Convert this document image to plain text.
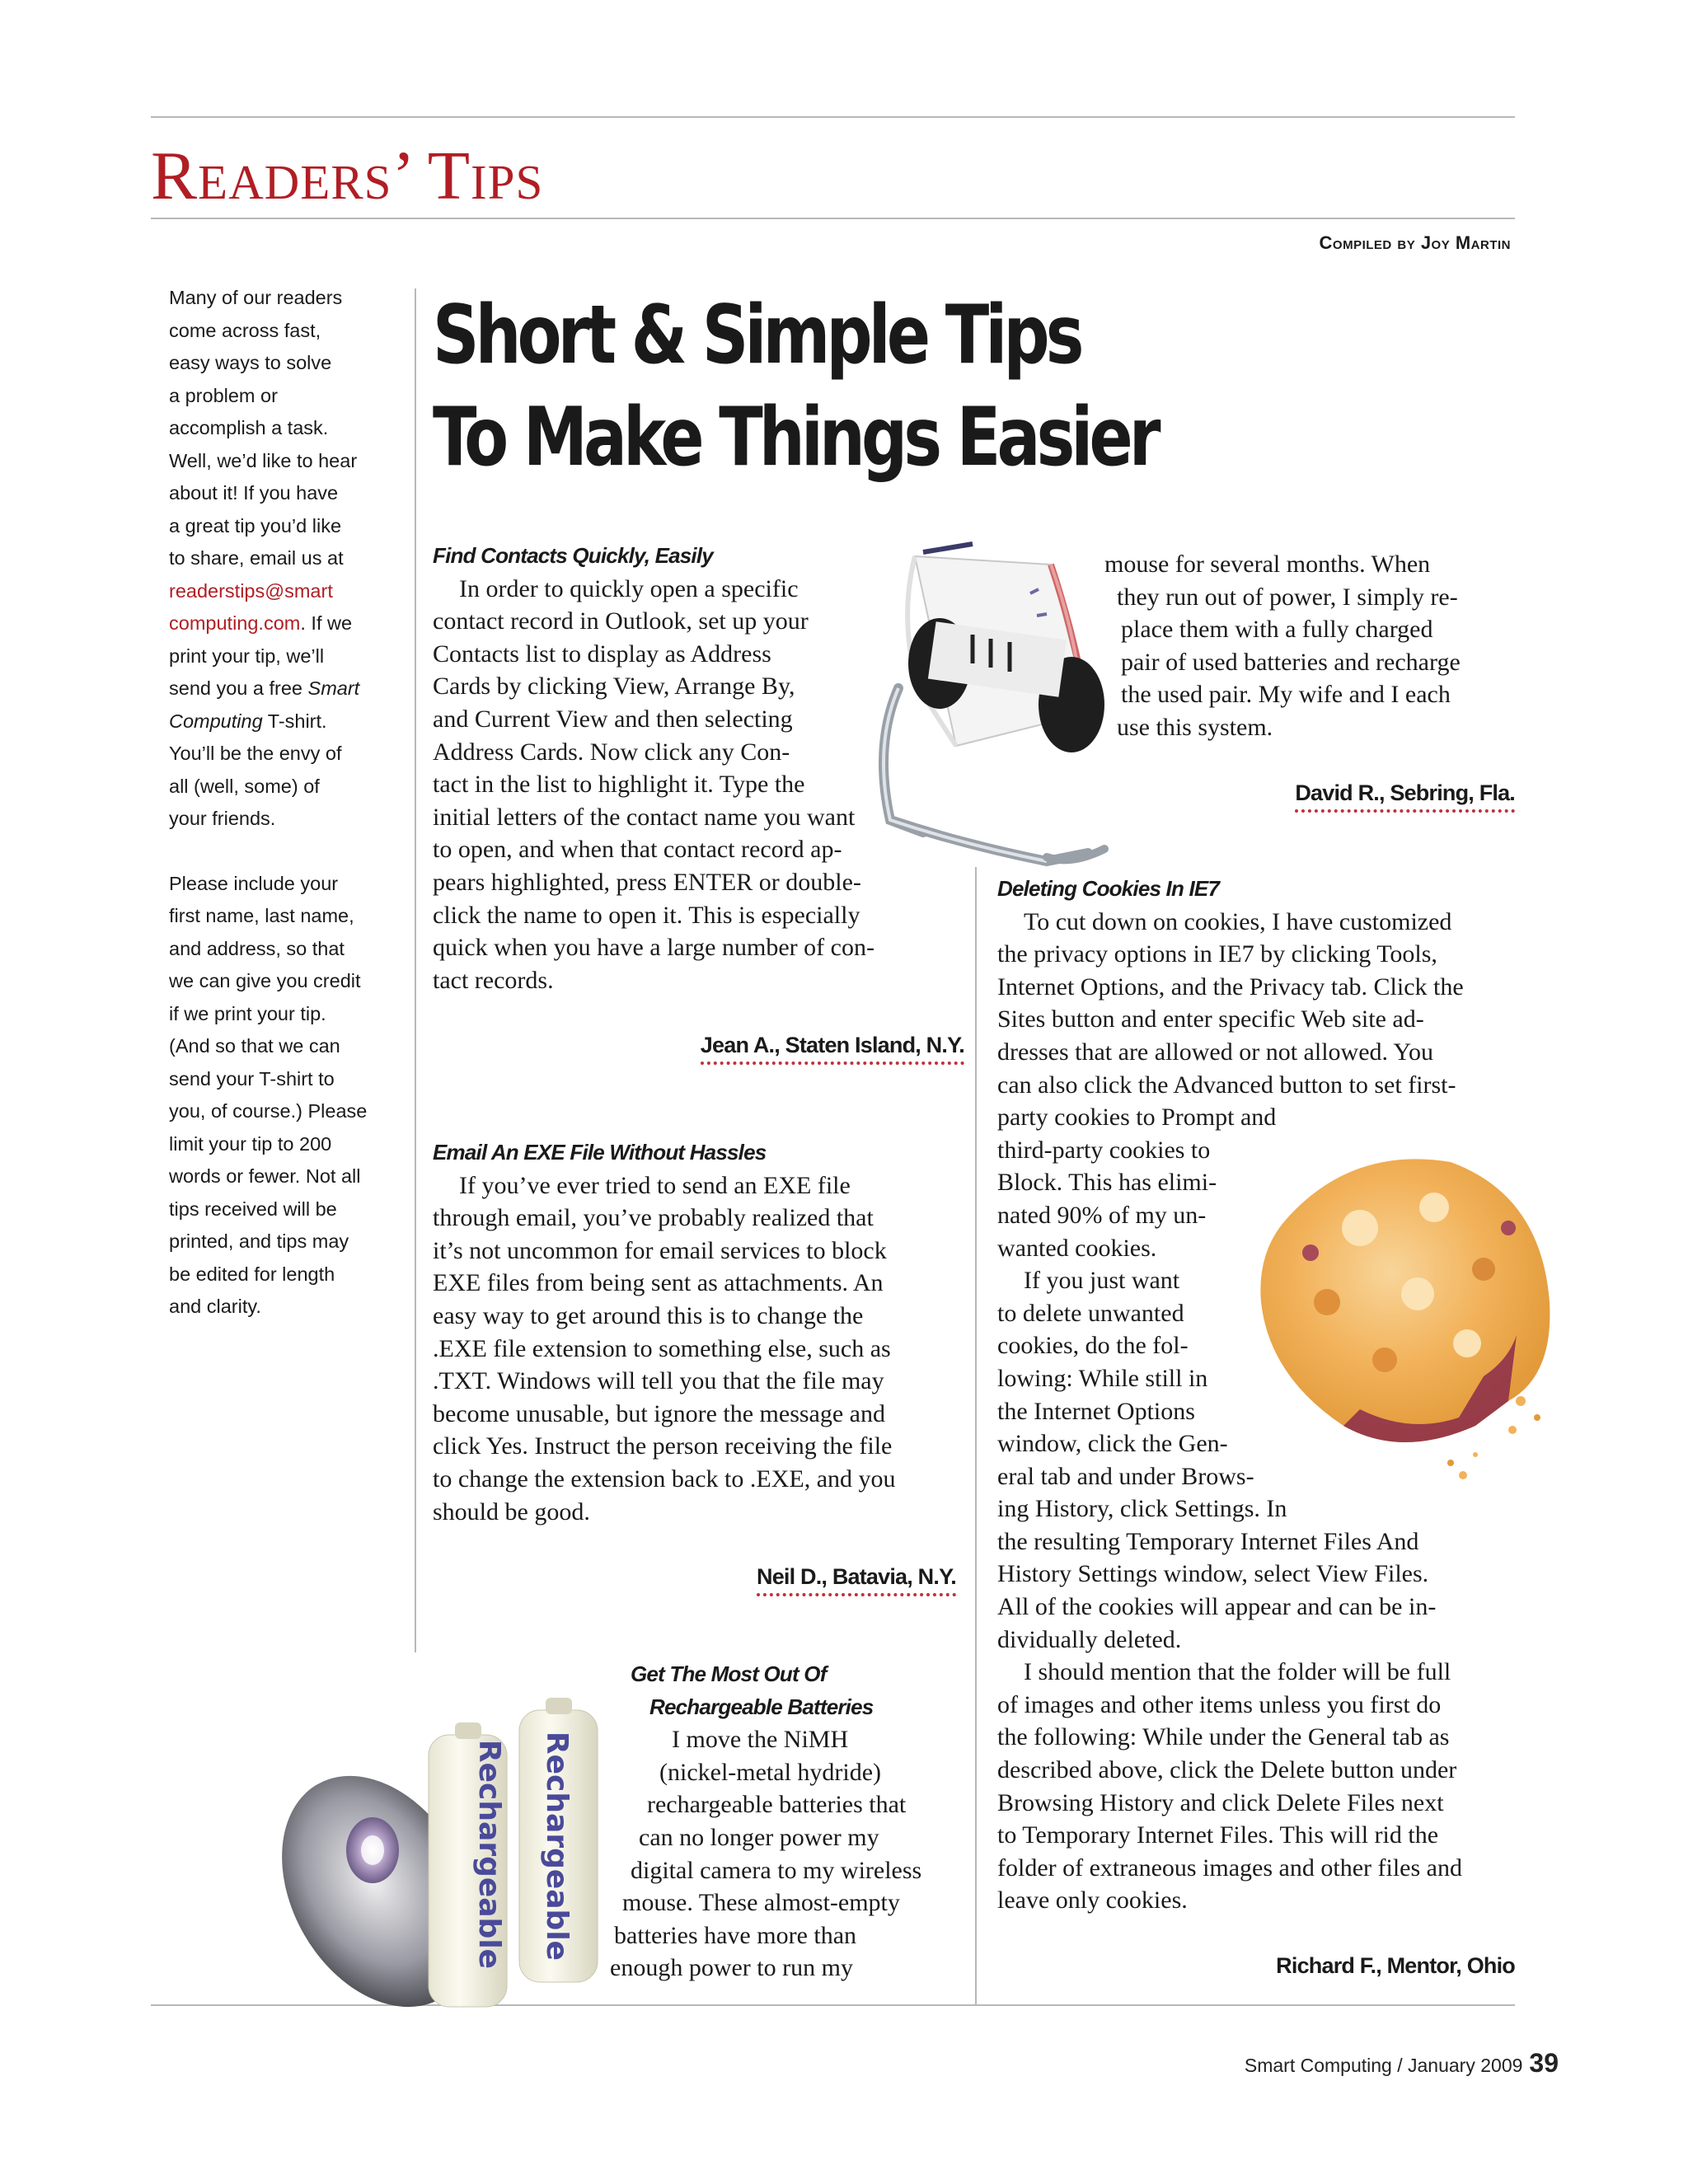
Readers’ Tips
Compiled by Joy Martin

Many of our readers

come across fast,

easy ways to solve

a problem or

accomplish a task.

Well, we’d like to hear

about it! If you have

a great tip you’d like

to share, email us at

readerstips@smart

computing.com. If we

print your tip, we’ll

send you a free Smart

Computing T-shirt.

You’ll be the envy of

all (well, some) of

your friends.

Please include your

first name, last name,

and address, so that

we can give you credit

if we print your tip.

(And so that we can

send your T-shirt to

you, of course.) Please

limit your tip to 200

words or fewer. Not all

tips received will be

printed, and tips may

be edited for length

and clarity.

Short & Simple Tips
To Make Things Easier

Find Contacts Quickly, Easily

In order to quickly open a specific

contact record in Outlook, set up your

Contacts list to display as Address

Cards by clicking View, Arrange By,

and Current View and then selecting

Address Cards. Now click any Con-

tact in the list to highlight it. Type the

initial letters of the contact name you want

to open, and when that contact record ap-

pears highlighted, press ENTER or double-

click the name to open it. This is especially

quick when you have a large number of con-

tact records.

Jean A., Staten Island, N.Y.

Email An EXE File Without Hassles

If you’ve ever tried to send an EXE file

through email, you’ve probably realized that

it’s not uncommon for email services to block

EXE files from being sent as attachments. An

easy way to get around this is to change the

.EXE file extension to something else, such as

.TXT. Windows will tell you that the file may

become unusable, but ignore the message and

click Yes. Instruct the person receiving the file

to change the extension back to .EXE, and you

should be good.

Neil D., Batavia, N.Y.

Rechargeable Rechargeable

Get The Most Out Of

Rechargeable Batteries

I move the NiMH

(nickel-metal hydride)

rechargeable batteries that

can no longer power my

digital camera to my wireless

mouse. These almost-empty

batteries have more than

enough power to run my

mouse for several months. When

they run out of power, I simply re-

place them with a fully charged

pair of used batteries and recharge

the used pair. My wife and I each

use this system.

David R., Sebring, Fla.

Deleting Cookies In IE7

To cut down on cookies, I have customized

the privacy options in IE7 by clicking Tools,

Internet Options, and the Privacy tab. Click the

Sites button and enter specific Web site ad-

dresses that are allowed or not allowed. You

can also click the Advanced button to set first-

party cookies to Prompt and

third-party cookies to

Block. This has elimi-

nated 90% of my un-

wanted cookies.

If you just want

to delete unwanted

cookies, do the fol-

lowing: While still in

the Internet Options

window, click the Gen-

eral tab and under Brows-

ing History, click Settings. In

the resulting Temporary Internet Files And

History Settings window, select View Files.

All of the cookies will appear and can be in-

dividually deleted.

I should mention that the folder will be full

of images and other items unless you first do

the following: While under the General tab as

described above, click the Delete button under

Browsing History and click Delete Files next

to Temporary Internet Files. This will rid the

folder of extraneous images and other files and

leave only cookies.

Richard F., Mentor, Ohio

Smart Computing / January 2009 39
